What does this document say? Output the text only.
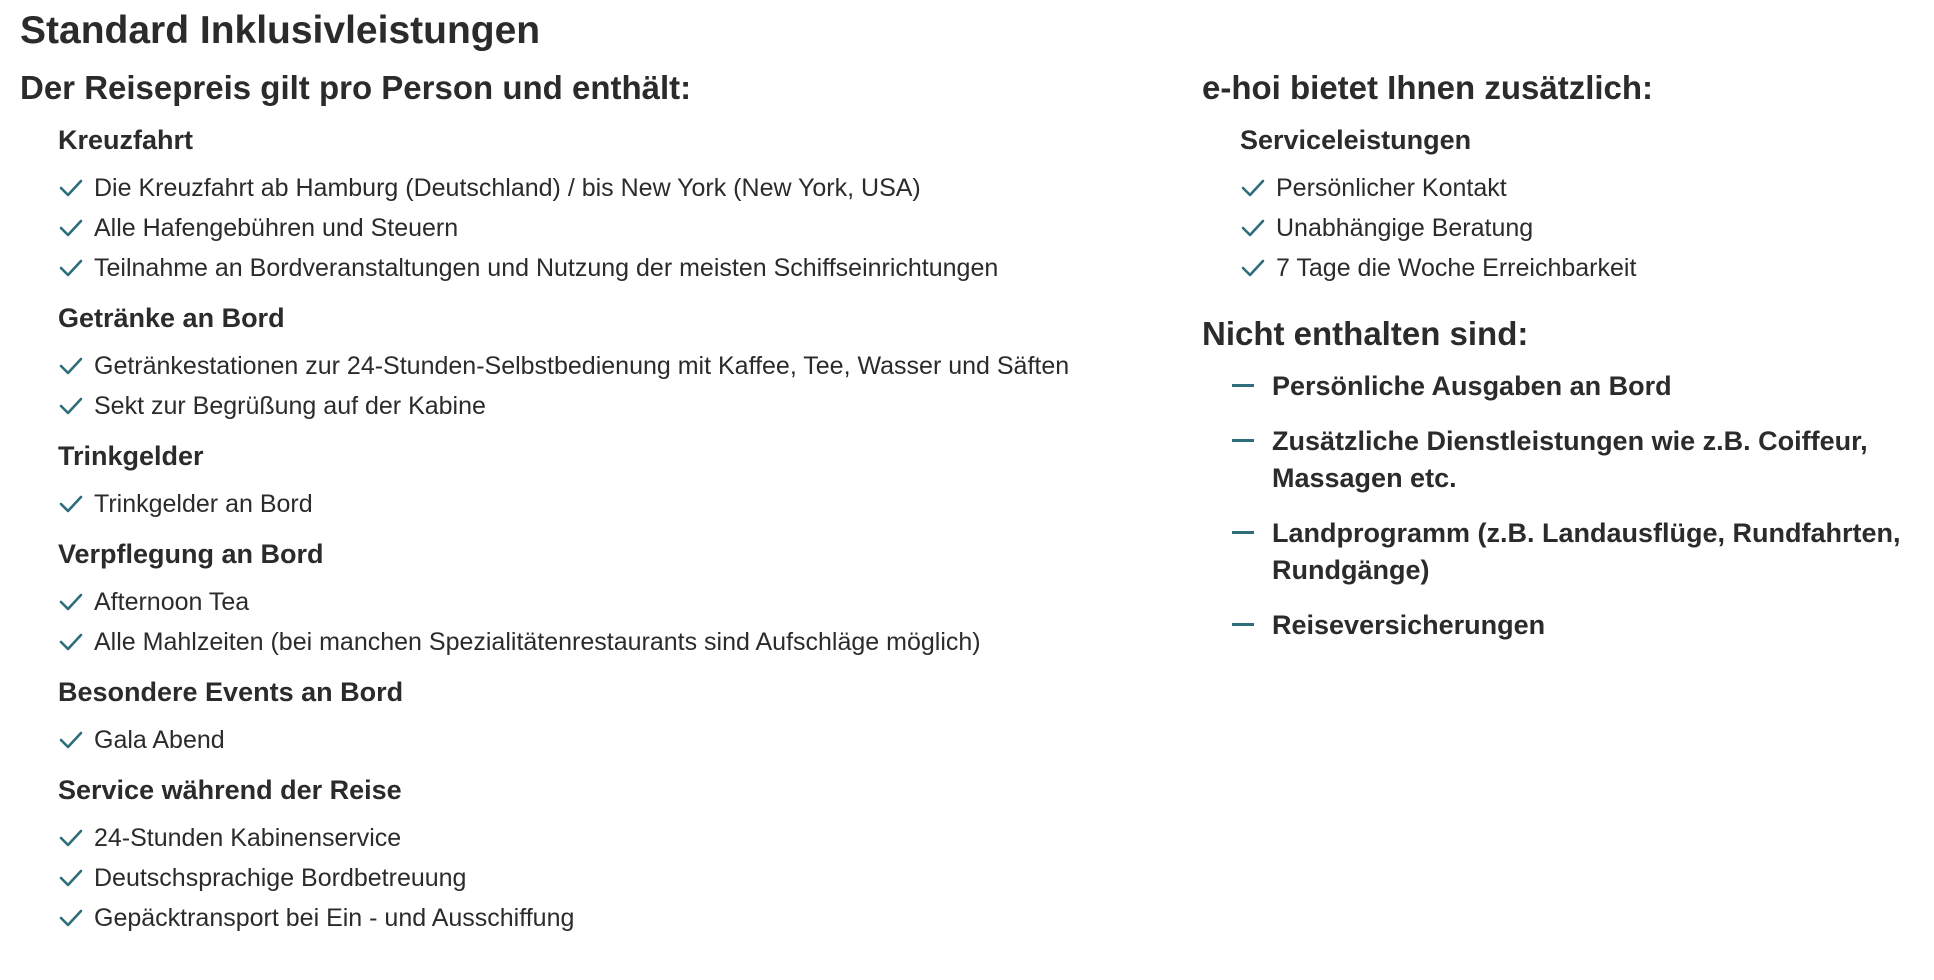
Standard Inklusivleistungen
Der Reisepreis gilt pro Person und enthält:
Kreuzfahrt
Die Kreuzfahrt ab Hamburg (Deutschland) / bis New York (New York, USA)
Alle Hafengebühren und Steuern
Teilnahme an Bordveranstaltungen und Nutzung der meisten Schiffseinrichtungen
Getränke an Bord
Getränkestationen zur 24-Stunden-Selbstbedienung mit Kaffee, Tee, Wasser und Säften
Sekt zur Begrüßung auf der Kabine
Trinkgelder
Trinkgelder an Bord
Verpflegung an Bord
Afternoon Tea
Alle Mahlzeiten (bei manchen Spezialitätenrestaurants sind Aufschläge möglich)
Besondere Events an Bord
Gala Abend
Service während der Reise
24-Stunden Kabinenservice
Deutschsprachige Bordbetreuung
Gepäcktransport bei Ein - und Ausschiffung
e-hoi bietet Ihnen zusätzlich:
Serviceleistungen
Persönlicher Kontakt
Unabhängige Beratung
7 Tage die Woche Erreichbarkeit
Nicht enthalten sind:
Persönliche Ausgaben an Bord
Zusätzliche Dienstleistungen wie z.B. Coiffeur, Massagen etc.
Landprogramm (z.B. Landausflüge, Rundfahrten, Rundgänge)
Reiseversicherungen
